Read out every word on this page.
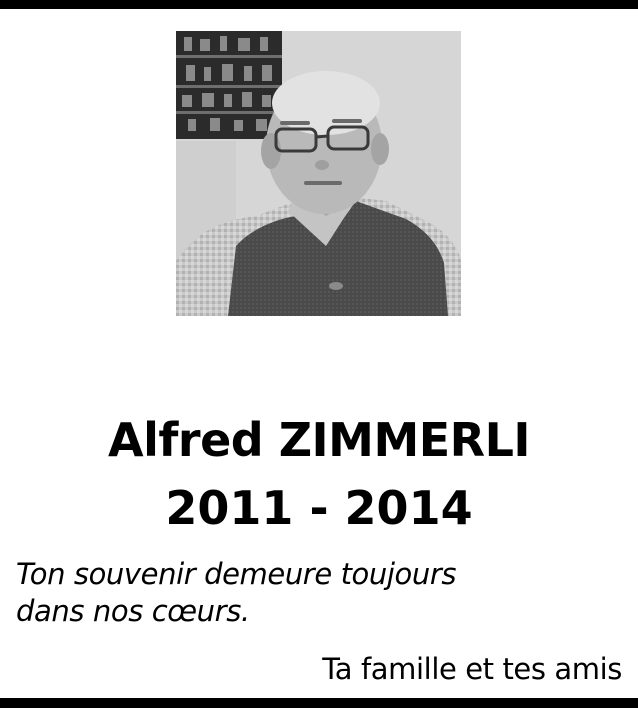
Alfred ZIMMERLI
2011 - 2014
Ton souvenir demeure toujours
dans nos cœurs.
Ta famille et tes amis
